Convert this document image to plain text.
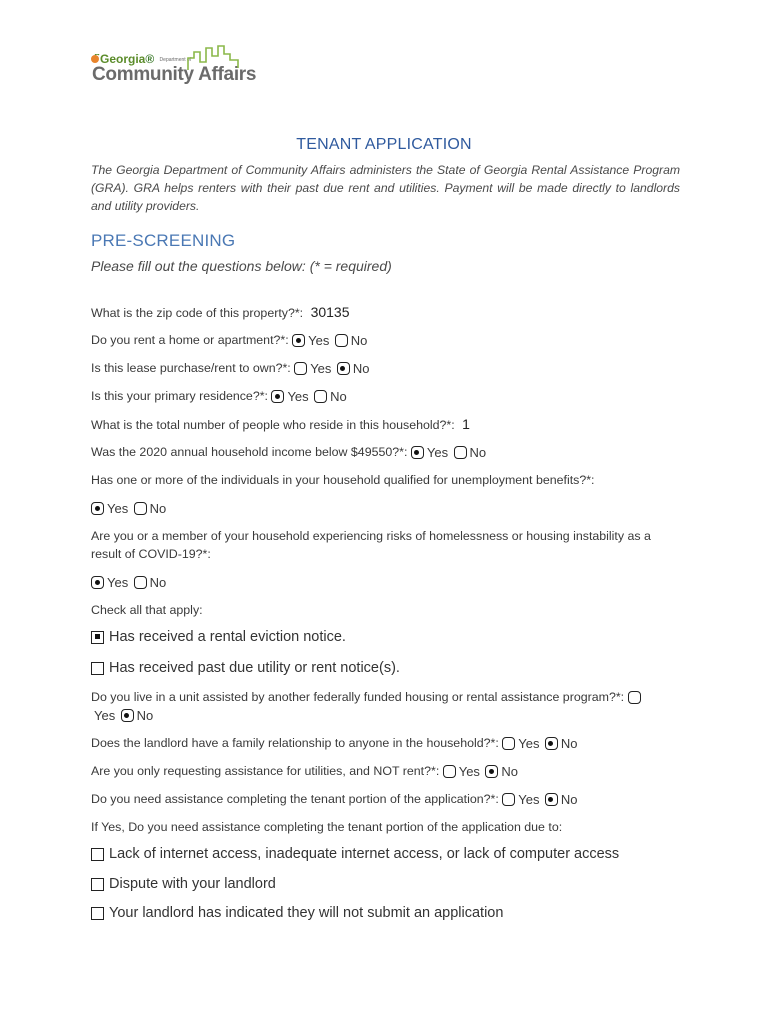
Georgia® Department of
Community Affairs
TENANT APPLICATION
The Georgia Department of Community Affairs administers the State of Georgia Rental Assistance Program (GRA). GRA helps renters with their past due rent and utilities. Payment will be made directly to landlords and utility providers.
PRE-SCREENING
Please fill out the questions below: (* = required)
What is the zip code of this property?*: 30135
Do you rent a home or apartment?*: Yes No
Is this lease purchase/rent to own?*: Yes No
Is this your primary residence?*: Yes No
What is the total number of people who reside in this household?*: 1
Was the 2020 annual household income below $49550?*: Yes No
Has one or more of the individuals in your household qualified for unemployment benefits?*:
Yes No
Are you or a member of your household experiencing risks of homelessness or housing instability as a result of COVID-19?*:
Yes No
Check all that apply:
Has received a rental eviction notice.
Has received past due utility or rent notice(s).
Do you live in a unit assisted by another federally funded housing or rental assistance program?*: Yes No
Does the landlord have a family relationship to anyone in the household?*: Yes No
Are you only requesting assistance for utilities, and NOT rent?*: Yes No
Do you need assistance completing the tenant portion of the application?*: Yes No
If Yes, Do you need assistance completing the tenant portion of the application due to:
Lack of internet access, inadequate internet access, or lack of computer access
Dispute with your landlord
Your landlord has indicated they will not submit an application
